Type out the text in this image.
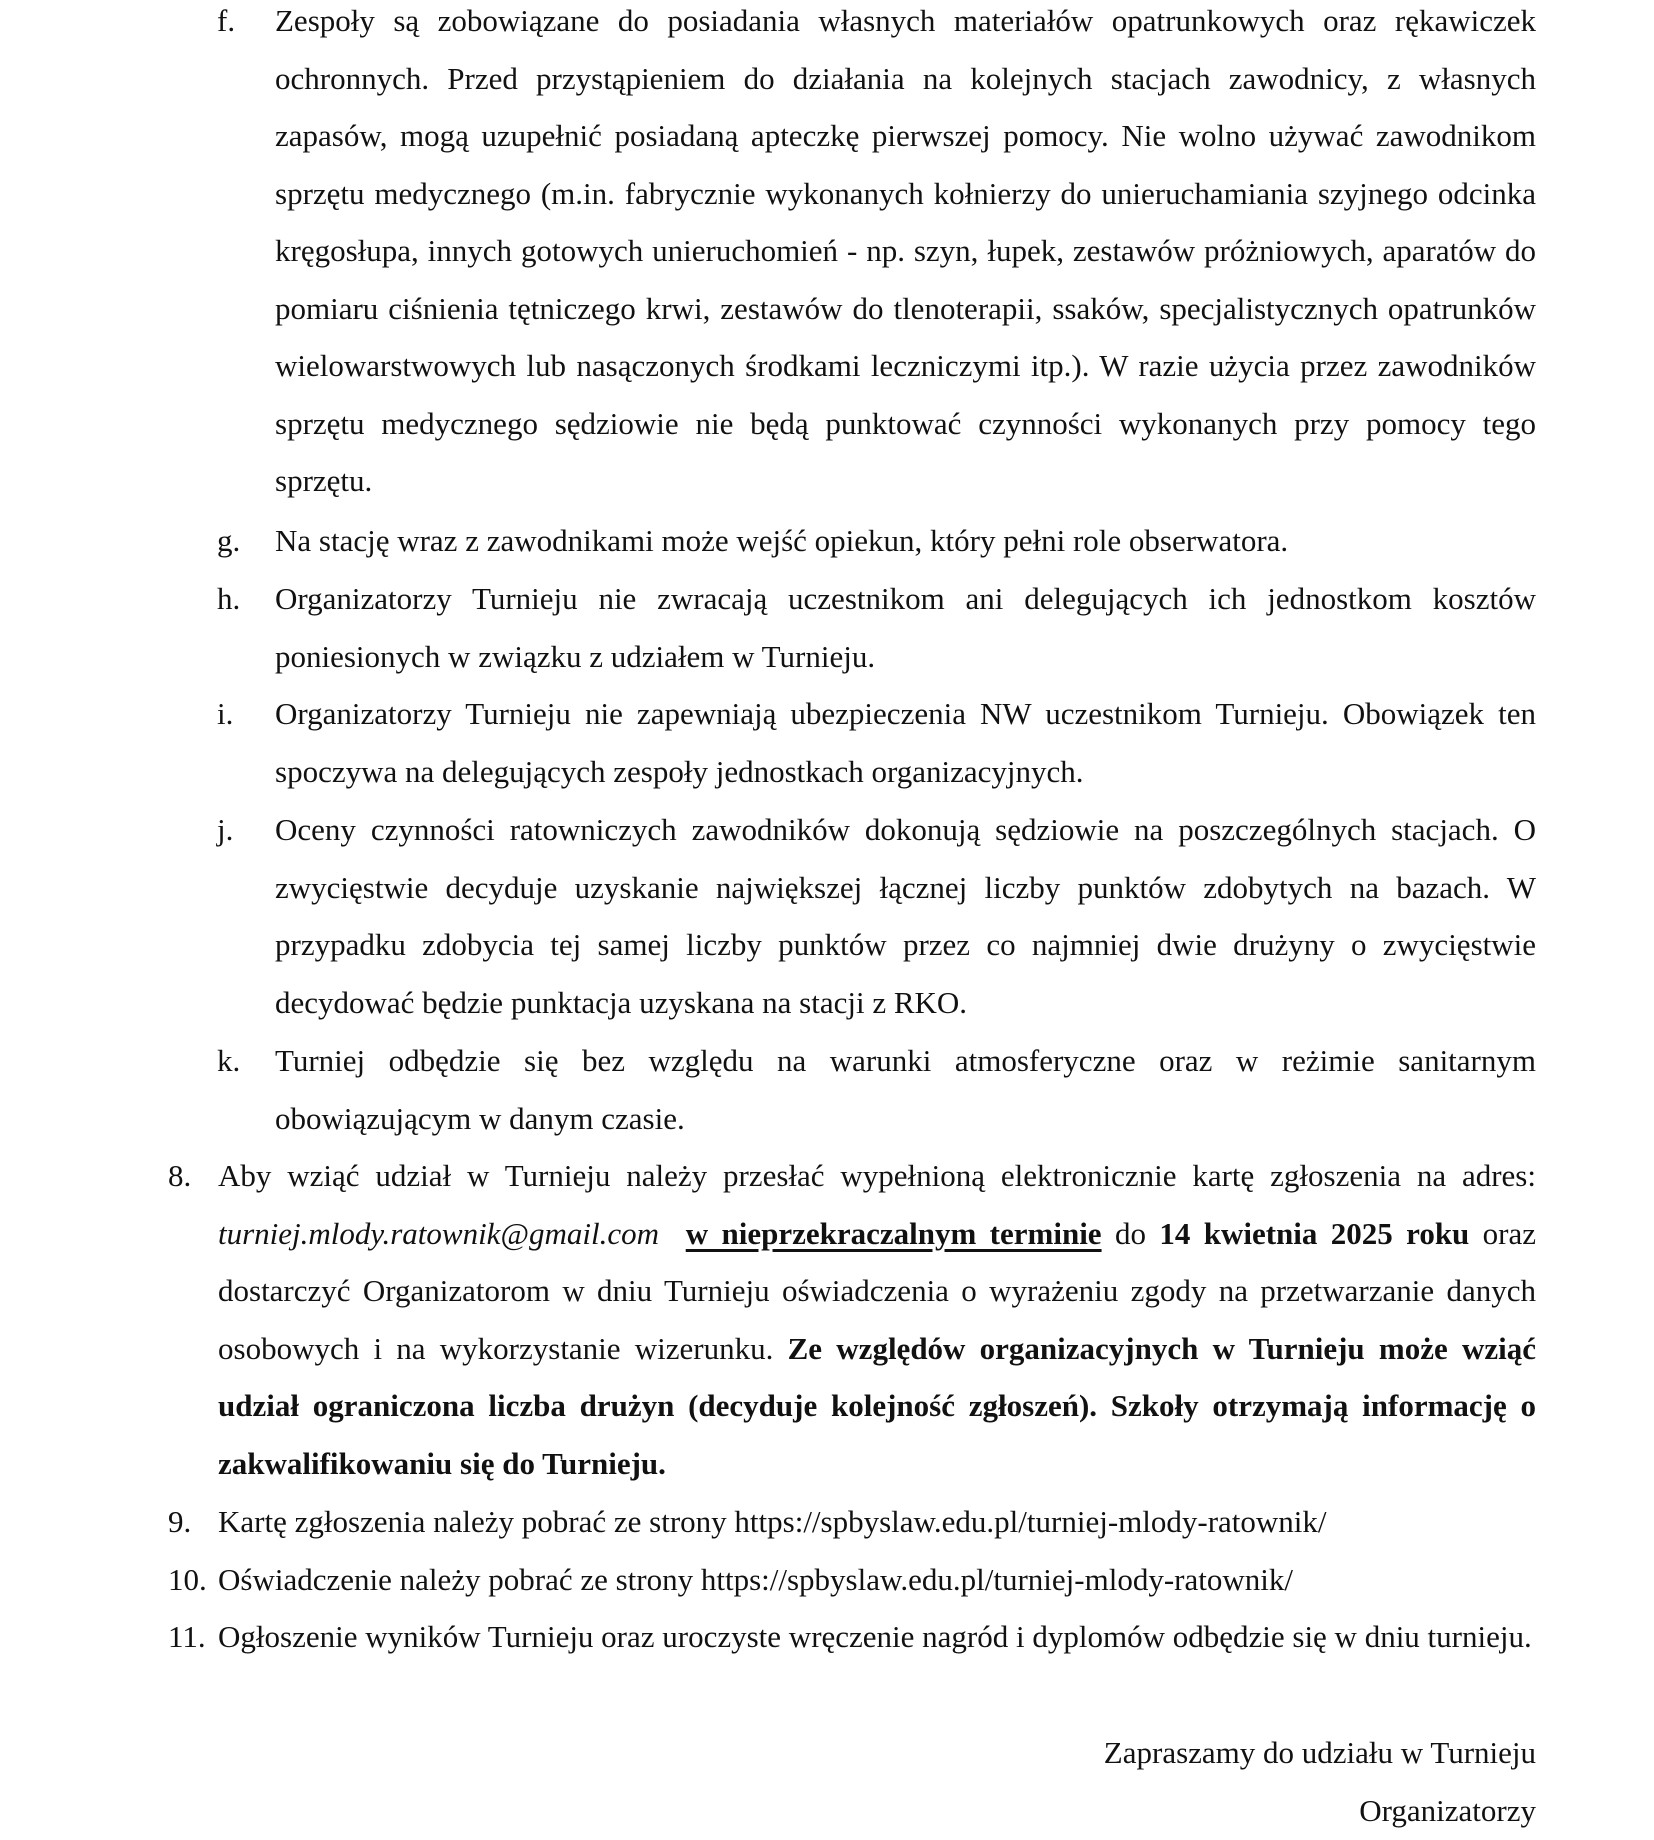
f. Zespoły są zobowiązane do posiadania własnych materiałów opatrunkowych oraz rękawiczek ochronnych. Przed przystąpieniem do działania na kolejnych stacjach zawodnicy, z własnych zapasów, mogą uzupełnić posiadaną apteczkę pierwszej pomocy. Nie wolno używać zawodnikom sprzętu medycznego (m.in. fabrycznie wykonanych kołnierzy do unieruchamiania szyjnego odcinka kręgosłupa, innych gotowych unieruchomień - np. szyn, łupek, zestawów próżniowych, aparatów do pomiaru ciśnienia tętniczego krwi, zestawów do tlenoterapii, ssaków, specjalistycznych opatrunków wielowarstwowych lub nasączonych środkami leczniczymi itp.). W razie użycia przez zawodników sprzętu medycznego sędziowie nie będą punktować czynności wykonanych przy pomocy tego sprzętu.

g. Na stację wraz z zawodnikami może wejść opiekun, który pełni role obserwatora.

h. Organizatorzy Turnieju nie zwracają uczestnikom ani delegujących ich jednostkom kosztów poniesionych w związku z udziałem w Turnieju.

i. Organizatorzy Turnieju nie zapewniają ubezpieczenia NW uczestnikom Turnieju. Obowiązek ten spoczywa na delegujących zespoły jednostkach organizacyjnych.

j. Oceny czynności ratowniczych zawodników dokonują sędziowie na poszczególnych stacjach. O zwycięstwie decyduje uzyskanie największej łącznej liczby punktów zdobytych na bazach. W przypadku zdobycia tej samej liczby punktów przez co najmniej dwie drużyny o zwycięstwie decydować będzie punktacja uzyskana na stacji z RKO.

k. Turniej odbędzie się bez względu na warunki atmosferyczne oraz w reżimie sanitarnym obowiązującym w danym czasie.

8. Aby wziąć udział w Turnieju należy przesłać wypełnioną elektronicznie kartę zgłoszenia na adres: turniej.mlody.ratownik@gmail.com w nieprzekraczalnym terminie do 14 kwietnia 2025 roku oraz dostarczyć Organizatorom w dniu Turnieju oświadczenia o wyrażeniu zgody na przetwarzanie danych osobowych i na wykorzystanie wizerunku. Ze względów organizacyjnych w Turnieju może wziąć udział ograniczona liczba drużyn (decyduje kolejność zgłoszeń). Szkoły otrzymają informację o zakwalifikowaniu się do Turnieju.

9. Kartę zgłoszenia należy pobrać ze strony https://spbyslaw.edu.pl/turniej-mlody-ratownik/

10. Oświadczenie należy pobrać ze strony https://spbyslaw.edu.pl/turniej-mlody-ratownik/

11. Ogłoszenie wyników Turnieju oraz uroczyste wręczenie nagród i dyplomów odbędzie się w dniu turnieju.

Zapraszamy do udziału w Turnieju

Organizatorzy
